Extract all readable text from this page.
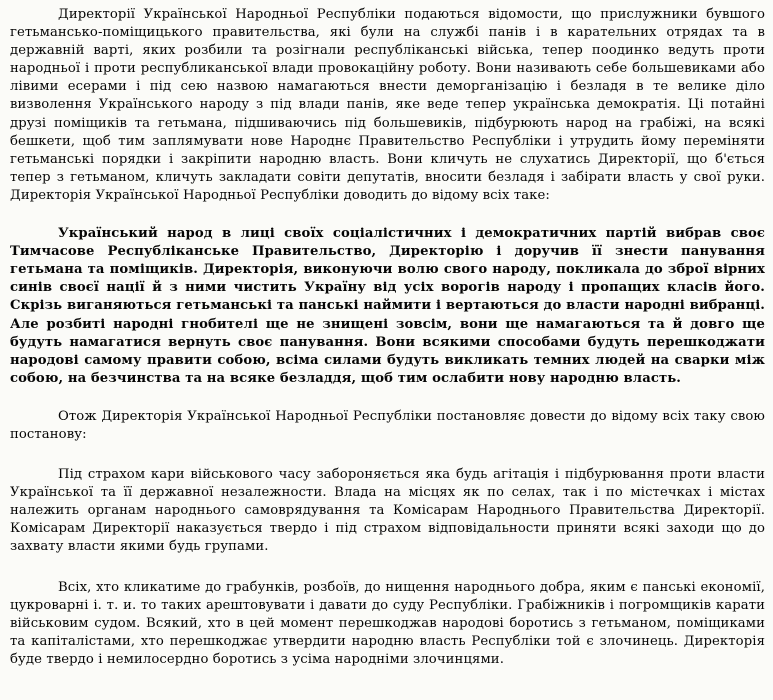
Директорії Української Народньої Республіки подаються відомости, що прислужники бувшого гетьмансько-поміщицького правительства, які були на службі панів і в карательних отрядах та в державній варті, яких розбили та розігнали республіканські війська, тепер поодинко ведуть проти народньої і проти республиканської влади провокаційну роботу. Вони називають себе большевиками або лівими есерами і під сею назвою намагаються внести деморганізацію і безладя в те велике діло визволення Українського народу з під влади панів, яке веде тепер українська демократія. Ці потайні друзі поміщиків та гетьмана, підшиваючись під большевиків, підбурюють народ на грабіжі, на всякі бешкети, щоб тим заплямувати нове Народнє Правительство Республіки і утрудить йому переміняти гетьманські порядки і закріпити народню власть. Вони кличуть не слухатись Директорії, що б'ється тепер з гетьманом, кличуть закладати совіти депутатів, вносити безладя і забірати власть у свої руки. Директорія Української Народньої Республіки доводить до відому всіх таке:

Український народ в лиці своїх соціалістичних і демократичних партій вибрав своє Тимчасове Республіканське Правительство, Директорію і доручив її знести панування гетьмана та поміщиків. Директорія, виконуючи волю свого народу, покликала до зброї вірних синів своєї нації й з ними чистить Україну від усіх ворогів народу і пропащих класів його. Скрізь виганяються гетьманські та панські наймити і вертаються до власти народні вибранці. Але розбиті народні гнобителі ще не знищені зовсім, вони ще намагаються та й довго ще будуть намагатися вернуть своє панування. Вони всякими способами будуть перешкоджати народові самому правити собою, всіма силами будуть викликать темних людей на сварки між собою, на безчинства та на всяке безладдя, щоб тим ослабити нову народню власть.

Отож Директорія Української Народньої Республіки постановляє довести до відому всіх таку свою постанову:

Під страхом кари військового часу забороняється яка будь агітація і підбурювання проти власти Української та її державної незалежности. Влада на місцях як по селах, так і по містечках і містах належить органам народнього самоврядування та Комісарам Народнього Правительства Директорії. Комісарам Директорії наказується твердо і під страхом відповідальности приняти всякі заходи що до захвату власти якими будь групами.

Всіх, хто кликатиме до грабунків, розбоїв, до нищення народнього добра, яким є панські економії, цукроварні і. т. и. то таких арештовувати і давати до суду Республіки. Грабіжників і погромщиків карати військовим судом. Всякий, хто в цей момент перешкоджав народові боротись з гетьманом, поміщиками та капіталістами, хто перешкоджає утвердити народню власть Республіки той є злочинець. Директорія буде твердо і немилосердно боротись з усіма народніми злочинцями.
